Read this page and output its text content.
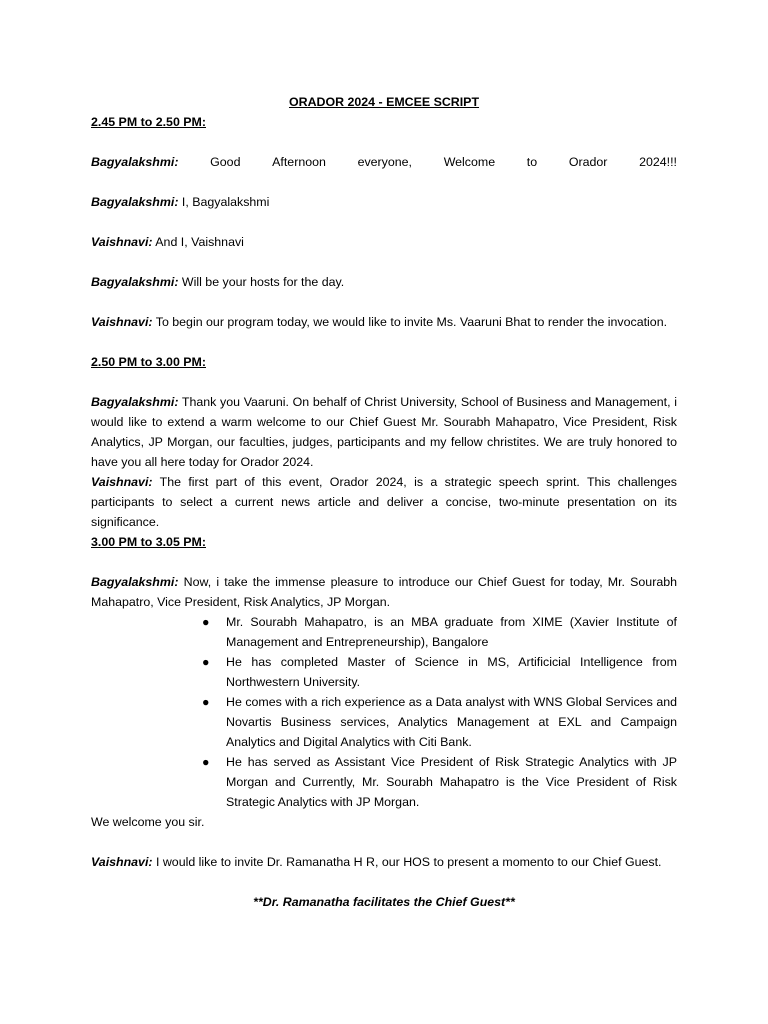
ORADOR 2024 - EMCEE SCRIPT
2.45 PM to 2.50 PM:
Bagyalakshmi:	Good	Afternoon	everyone,	Welcome	to	Orador	2024!!!

Bagyalakshmi: I, Bagyalakshmi

Vaishnavi: And I, Vaishnavi

Bagyalakshmi: Will be your hosts for the day.

Vaishnavi: To begin our program today, we would like to invite Ms. Vaaruni Bhat to render the invocation.

2.50 PM to 3.00 PM:

Bagyalakshmi: Thank you Vaaruni. On behalf of Christ University, School of Business and Management, i would like to extend a warm welcome to our Chief Guest Mr. Sourabh Mahapatro, Vice President, Risk Analytics, JP Morgan, our faculties, judges, participants and my fellow christites. We are truly honored to have you all here today for Orador 2024.

Vaishnavi: The first part of this event, Orador 2024, is a strategic speech sprint. This challenges participants to select a current news article and deliver a concise, two-minute presentation on its significance.

3.00 PM to 3.05 PM:

Bagyalakshmi: Now, i take the immense pleasure to introduce our Chief Guest for today, Mr. Sourabh Mahapatro, Vice President, Risk Analytics, JP Morgan.

● Mr. Sourabh Mahapatro, is an MBA graduate from XIME (Xavier Institute of Management and Entrepreneurship), Bangalore
● He has completed Master of Science in MS, Artificicial Intelligence from Northwestern University.
● He comes with a rich experience as a Data analyst with WNS Global Services and Novartis Business services, Analytics Management at EXL and Campaign Analytics and Digital Analytics with Citi Bank.
● He has served as Assistant Vice President of Risk Strategic Analytics with JP Morgan and Currently, Mr. Sourabh Mahapatro is the Vice President of Risk Strategic Analytics with JP Morgan.

We welcome you sir.

Vaishnavi: I would like to invite Dr. Ramanatha H R, our HOS to present a momento to our Chief Guest.

**Dr. Ramanatha facilitates the Chief Guest**
